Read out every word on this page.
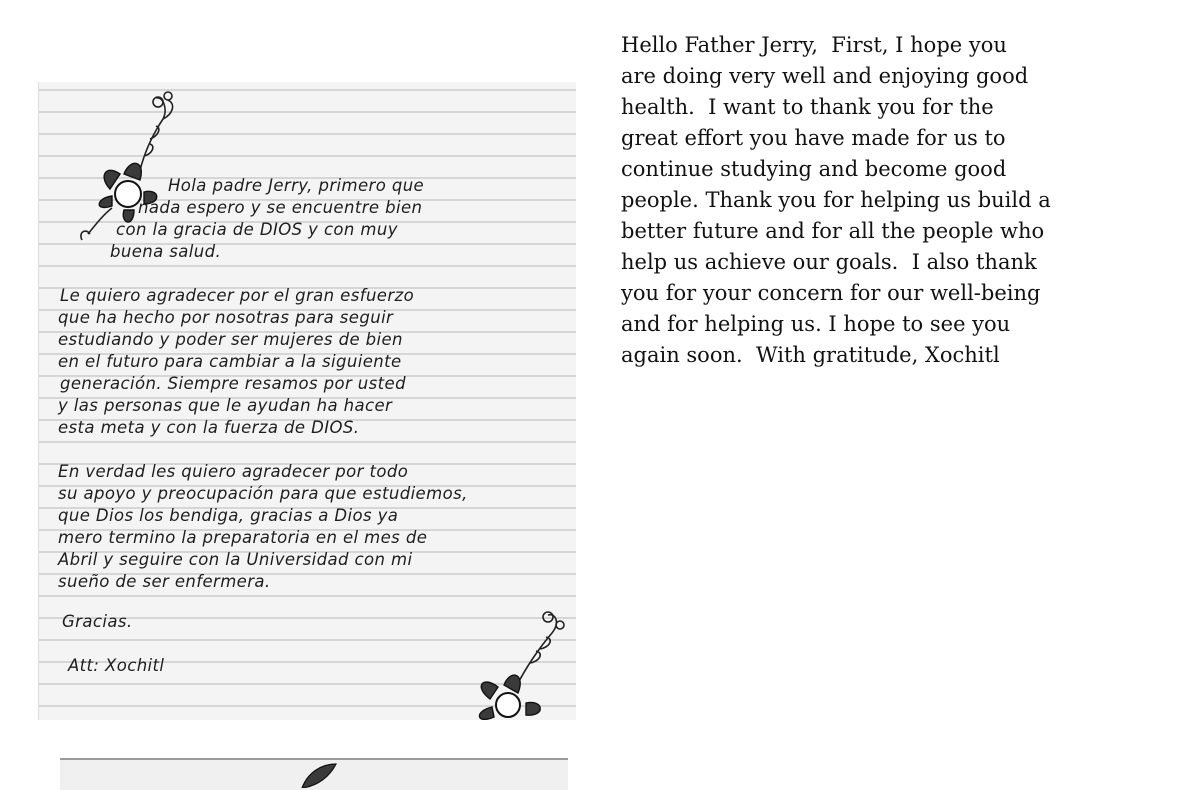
Hola padre Jerry, primero que
nada espero y se encuentre bien
con la gracia de DIOS y con muy
buena salud.
Le quiero agradecer por el gran esfuerzo
que ha hecho por nosotras para seguir
estudiando y poder ser mujeres de bien
en el futuro para cambiar a la siguiente
generación. Siempre resamos por usted
y las personas que le ayudan ha hacer
esta meta y con la fuerza de DIOS.
En verdad les quiero agradecer por todo
su apoyo y preocupación para que estudiemos,
que Dios los bendiga, gracias a Dios ya
mero termino la preparatoria en el mes de
Abril y seguire con la Universidad con mi
sueño de ser enfermera.
Gracias.
Att: Xochitl
Hello Father Jerry,  First, I hope you
are doing very well and enjoying good
health.  I want to thank you for the
great effort you have made for us to
continue studying and become good
people. Thank you for helping us build a
better future and for all the people who
help us achieve our goals.  I also thank
you for your concern for our well-being
and for helping us. I hope to see you
again soon.  With gratitude, Xochitl
